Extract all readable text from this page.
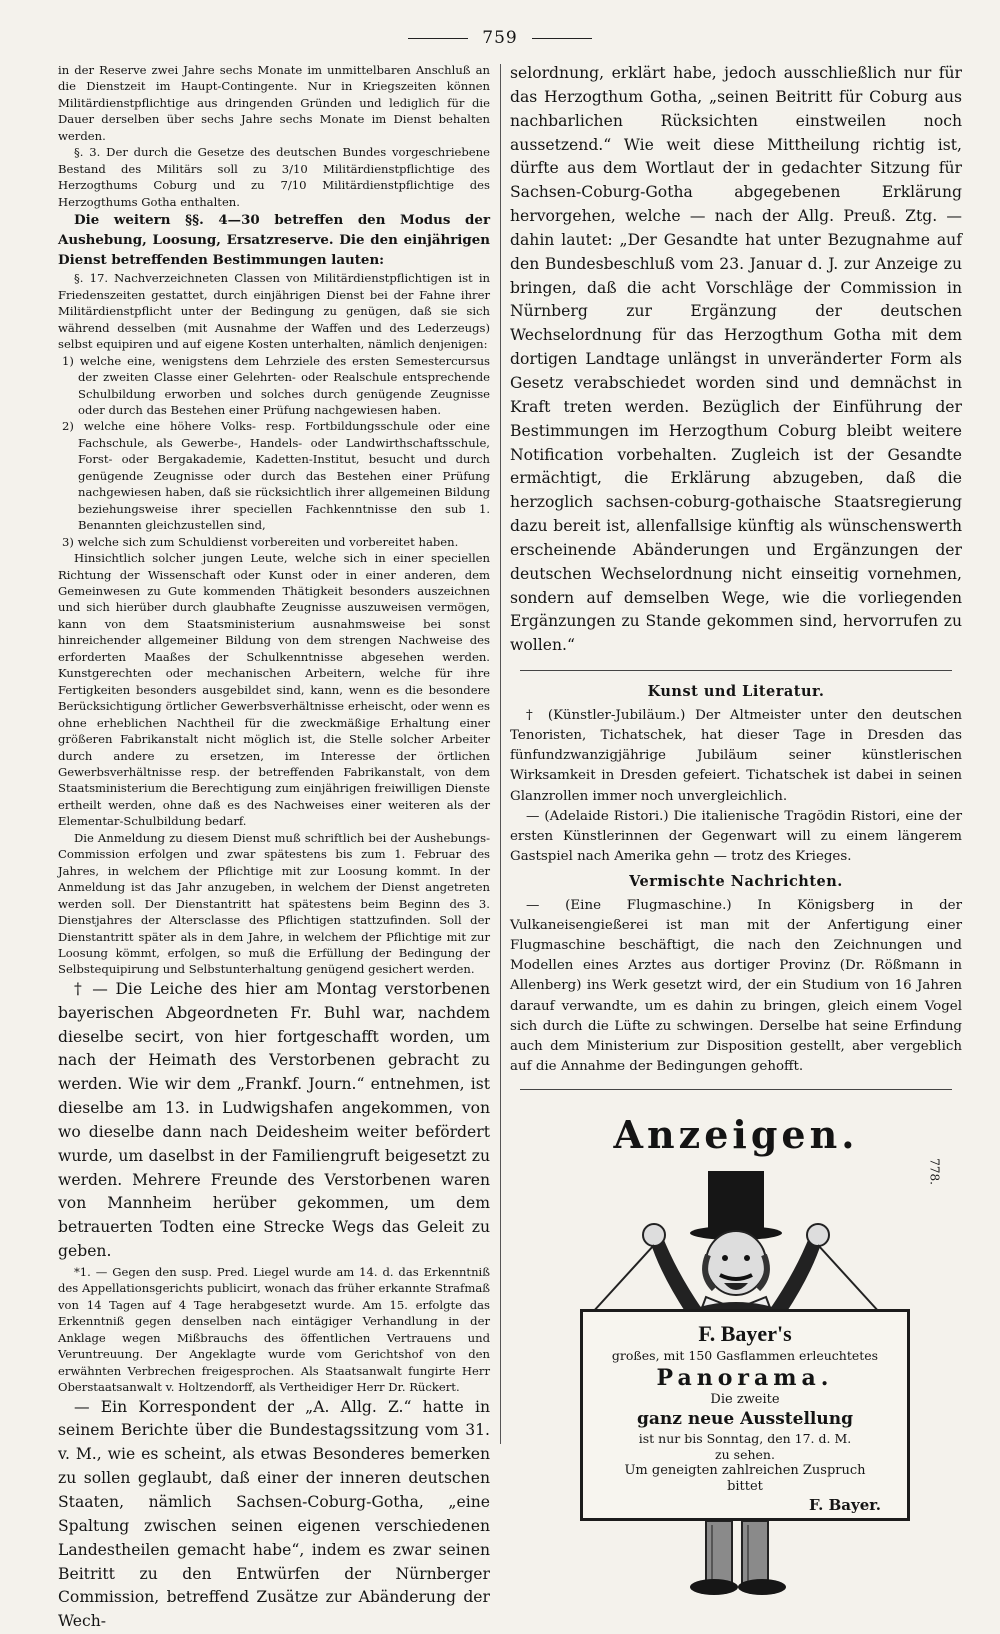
759

in der Reserve zwei Jahre sechs Monate im unmittelbaren Anschluß an die Dienstzeit im Haupt-Contingente. Nur in Kriegszeiten können Militärdienstpflichtige aus dringenden Gründen und lediglich für die Dauer derselben über sechs Jahre sechs Monate im Dienst behalten werden.

§. 3. Der durch die Gesetze des deutschen Bundes vorgeschriebene Bestand des Militärs soll zu 3/10 Militärdienstpflichtige des Herzogthums Coburg und zu 7/10 Militärdienstpflichtige des Herzogthums Gotha enthalten.

Die weitern §§. 4—30 betreffen den Modus der Aushebung, Loosung, Ersatzreserve. Die den einjährigen Dienst betreffenden Bestimmungen lauten:

§. 17. Nachverzeichneten Classen von Militärdienstpflichtigen ist in Friedenszeiten gestattet, durch einjährigen Dienst bei der Fahne ihrer Militärdienstpflicht unter der Bedingung zu genügen, daß sie sich während desselben (mit Ausnahme der Waffen und des Lederzeugs) selbst equipiren und auf eigene Kosten unterhalten, nämlich denjenigen:

1) welche eine, wenigstens dem Lehrziele des ersten Semestercursus der zweiten Classe einer Gelehrten- oder Realschule entsprechende Schulbildung erworben und solches durch genügende Zeugnisse oder durch das Bestehen einer Prüfung nachgewiesen haben.

2) welche eine höhere Volks- resp. Fortbildungsschule oder eine Fachschule, als Gewerbe-, Handels- oder Landwirthschaftsschule, Forst- oder Bergakademie, Kadetten-Institut, besucht und durch genügende Zeugnisse oder durch das Bestehen einer Prüfung nachgewiesen haben, daß sie rücksichtlich ihrer allgemeinen Bildung beziehungsweise ihrer speciellen Fachkenntnisse den sub 1. Benannten gleichzustellen sind,

3) welche sich zum Schuldienst vorbereiten und vorbereitet haben.

Hinsichtlich solcher jungen Leute, welche sich in einer speciellen Richtung der Wissenschaft oder Kunst oder in einer anderen, dem Gemeinwesen zu Gute kommenden Thätigkeit besonders auszeichnen und sich hierüber durch glaubhafte Zeugnisse auszuweisen vermögen, kann von dem Staatsministerium ausnahmsweise bei sonst hinreichender allgemeiner Bildung von dem strengen Nachweise des erforderten Maaßes der Schulkenntnisse abgesehen werden. Kunstgerechten oder mechanischen Arbeitern, welche für ihre Fertigkeiten besonders ausgebildet sind, kann, wenn es die besondere Berücksichtigung örtlicher Gewerbsverhältnisse erheischt, oder wenn es ohne erheblichen Nachtheil für die zweckmäßige Erhaltung einer größeren Fabrikanstalt nicht möglich ist, die Stelle solcher Arbeiter durch andere zu ersetzen, im Interesse der örtlichen Gewerbsverhältnisse resp. der betreffenden Fabrikanstalt, von dem Staatsministerium die Berechtigung zum einjährigen freiwilligen Dienste ertheilt werden, ohne daß es des Nachweises einer weiteren als der Elementar-Schulbildung bedarf.

Die Anmeldung zu diesem Dienst muß schriftlich bei der Aushebungs-Commission erfolgen und zwar spätestens bis zum 1. Februar des Jahres, in welchem der Pflichtige mit zur Loosung kommt. In der Anmeldung ist das Jahr anzugeben, in welchem der Dienst angetreten werden soll. Der Dienstantritt hat spätestens beim Beginn des 3. Dienstjahres der Altersclasse des Pflichtigen stattzufinden. Soll der Dienstantritt später als in dem Jahre, in welchem der Pflichtige mit zur Loosung kömmt, erfolgen, so muß die Erfüllung der Bedingung der Selbstequipirung und Selbstunterhaltung genügend gesichert werden.

† — Die Leiche des hier am Montag verstorbenen bayerischen Abgeordneten Fr. Buhl war, nachdem dieselbe secirt, von hier fortgeschafft worden, um nach der Heimath des Verstorbenen gebracht zu werden. Wie wir dem „Frankf. Journ.“ entnehmen, ist dieselbe am 13. in Ludwigshafen angekommen, von wo dieselbe dann nach Deidesheim weiter befördert wurde, um daselbst in der Familiengruft beigesetzt zu werden. Mehrere Freunde des Verstorbenen waren von Mannheim herüber gekommen, um dem betrauerten Todten eine Strecke Wegs das Geleit zu geben.

*1. — Gegen den susp. Pred. Liegel wurde am 14. d. das Erkenntniß des Appellationsgerichts publicirt, wonach das früher erkannte Strafmaß von 14 Tagen auf 4 Tage herabgesetzt wurde. Am 15. erfolgte das Erkenntniß gegen denselben nach eintägiger Verhandlung in der Anklage wegen Mißbrauchs des öffentlichen Vertrauens und Veruntreuung. Der Angeklagte wurde vom Gerichtshof von den erwähnten Verbrechen freigesprochen. Als Staatsanwalt fungirte Herr Oberstaatsanwalt v. Holtzendorff, als Vertheidiger Herr Dr. Rückert.

— Ein Korrespondent der „A. Allg. Z.“ hatte in seinem Berichte über die Bundestagssitzung vom 31. v. M., wie es scheint, als etwas Besonderes bemerken zu sollen geglaubt, daß einer der inneren deutschen Staaten, nämlich Sachsen-Coburg-Gotha, „eine Spaltung zwischen seinen eigenen verschiedenen Landestheilen gemacht habe“, indem es zwar seinen Beitritt zu den Entwürfen der Nürnberger Commission, betreffend Zusätze zur Abänderung der Wech-

selordnung, erklärt habe, jedoch ausschließlich nur für das Herzogthum Gotha, „seinen Beitritt für Coburg aus nachbarlichen Rücksichten einstweilen noch aussetzend.“ Wie weit diese Mittheilung richtig ist, dürfte aus dem Wortlaut der in gedachter Sitzung für Sachsen-Coburg-Gotha abgegebenen Erklärung hervorgehen, welche — nach der Allg. Preuß. Ztg. — dahin lautet: „Der Gesandte hat unter Bezugnahme auf den Bundesbeschluß vom 23. Januar d. J. zur Anzeige zu bringen, daß die acht Vorschläge der Commission in Nürnberg zur Ergänzung der deutschen Wechselordnung für das Herzogthum Gotha mit dem dortigen Landtage unlängst in unveränderter Form als Gesetz verabschiedet worden sind und demnächst in Kraft treten werden. Bezüglich der Einführung der Bestimmungen im Herzogthum Coburg bleibt weitere Notification vorbehalten. Zugleich ist der Gesandte ermächtigt, die Erklärung abzugeben, daß die herzoglich sachsen-coburg-gothaische Staatsregierung dazu bereit ist, allenfallsige künftig als wünschenswerth erscheinende Abänderungen und Ergänzungen der deutschen Wechselordnung nicht einseitig vornehmen, sondern auf demselben Wege, wie die vorliegenden Ergänzungen zu Stande gekommen sind, hervorrufen zu wollen.“

Kunst und Literatur.

† (Künstler-Jubiläum.) Der Altmeister unter den deutschen Tenoristen, Tichatschek, hat dieser Tage in Dresden das fünfundzwanzigjährige Jubiläum seiner künstlerischen Wirksamkeit in Dresden gefeiert. Tichatschek ist dabei in seinen Glanzrollen immer noch unvergleichlich.

— (Adelaide Ristori.) Die italienische Tragödin Ristori, eine der ersten Künstlerinnen der Gegenwart will zu einem längerem Gastspiel nach Amerika gehn — trotz des Krieges.

Vermischte Nachrichten.

— (Eine Flugmaschine.) In Königsberg in der Vulkaneisengießerei ist man mit der Anfertigung einer Flugmaschine beschäftigt, die nach den Zeichnungen und Modellen eines Arztes aus dortiger Provinz (Dr. Rößmann in Allenberg) ins Werk gesetzt wird, der ein Studium von 16 Jahren darauf verwandte, um es dahin zu bringen, gleich einem Vogel sich durch die Lüfte zu schwingen. Derselbe hat seine Erfindung auch dem Ministerium zur Disposition gestellt, aber vergeblich auf die Annahme der Bedingungen gehofft.

Anzeigen.
778.
F. Bayer's
großes, mit 150 Gasflammen erleuchtetes
Panorama.
Die zweite
ganz neue Ausstellung
ist nur bis Sonntag, den 17. d. M.
zu sehen.
Um geneigten zahlreichen Zuspruch
bittet
F. Bayer.
